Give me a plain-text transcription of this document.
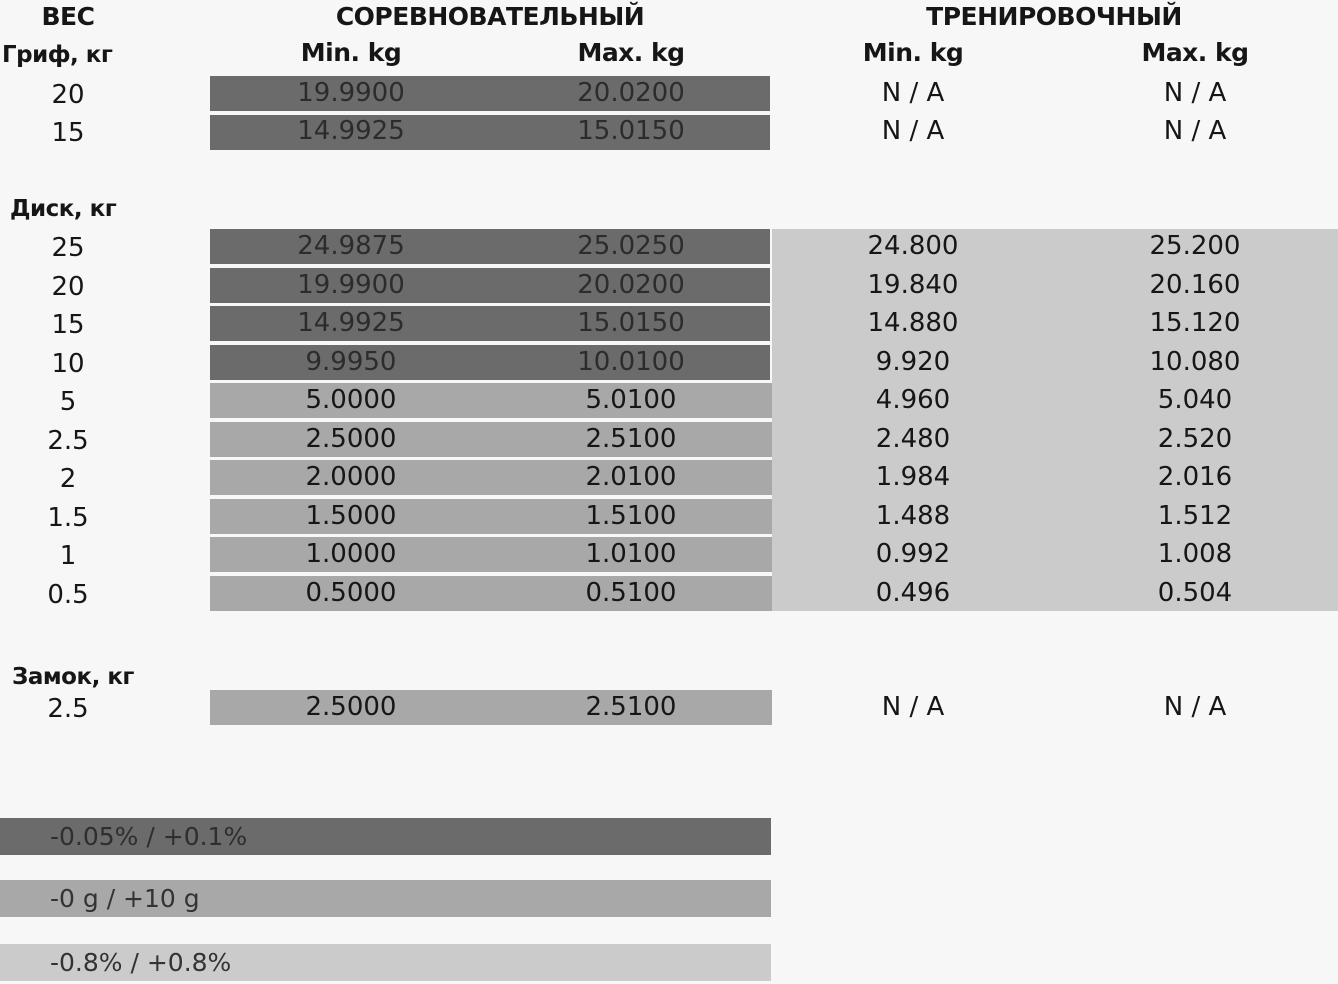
ВЕС	СОРЕВНОВАТЕЛЬНЫЙ	ТРЕНИРОВОЧНЫЙ
Гриф, кг	Min. kg	Max. kg	Min. kg	Max. kg
20	19.9900	20.0200	N / A	N / A
15	14.9925	15.0150	N / A	N / A
Диск, кг
25	24.9875	25.0250	24.800	25.200
20	19.9900	20.0200	19.840	20.160
15	14.9925	15.0150	14.880	15.120
10	9.9950	10.0100	9.920	10.080
5	5.0000	5.0100	4.960	5.040
2.5	2.5000	2.5100	2.480	2.520
2	2.0000	2.0100	1.984	2.016
1.5	1.5000	1.5100	1.488	1.512
1	1.0000	1.0100	0.992	1.008
0.5	0.5000	0.5100	0.496	0.504
Замок, кг
2.5	2.5000	2.5100	N / A	N / A
-0.05% / +0.1%
-0 g / +10 g
-0.8% / +0.8%
